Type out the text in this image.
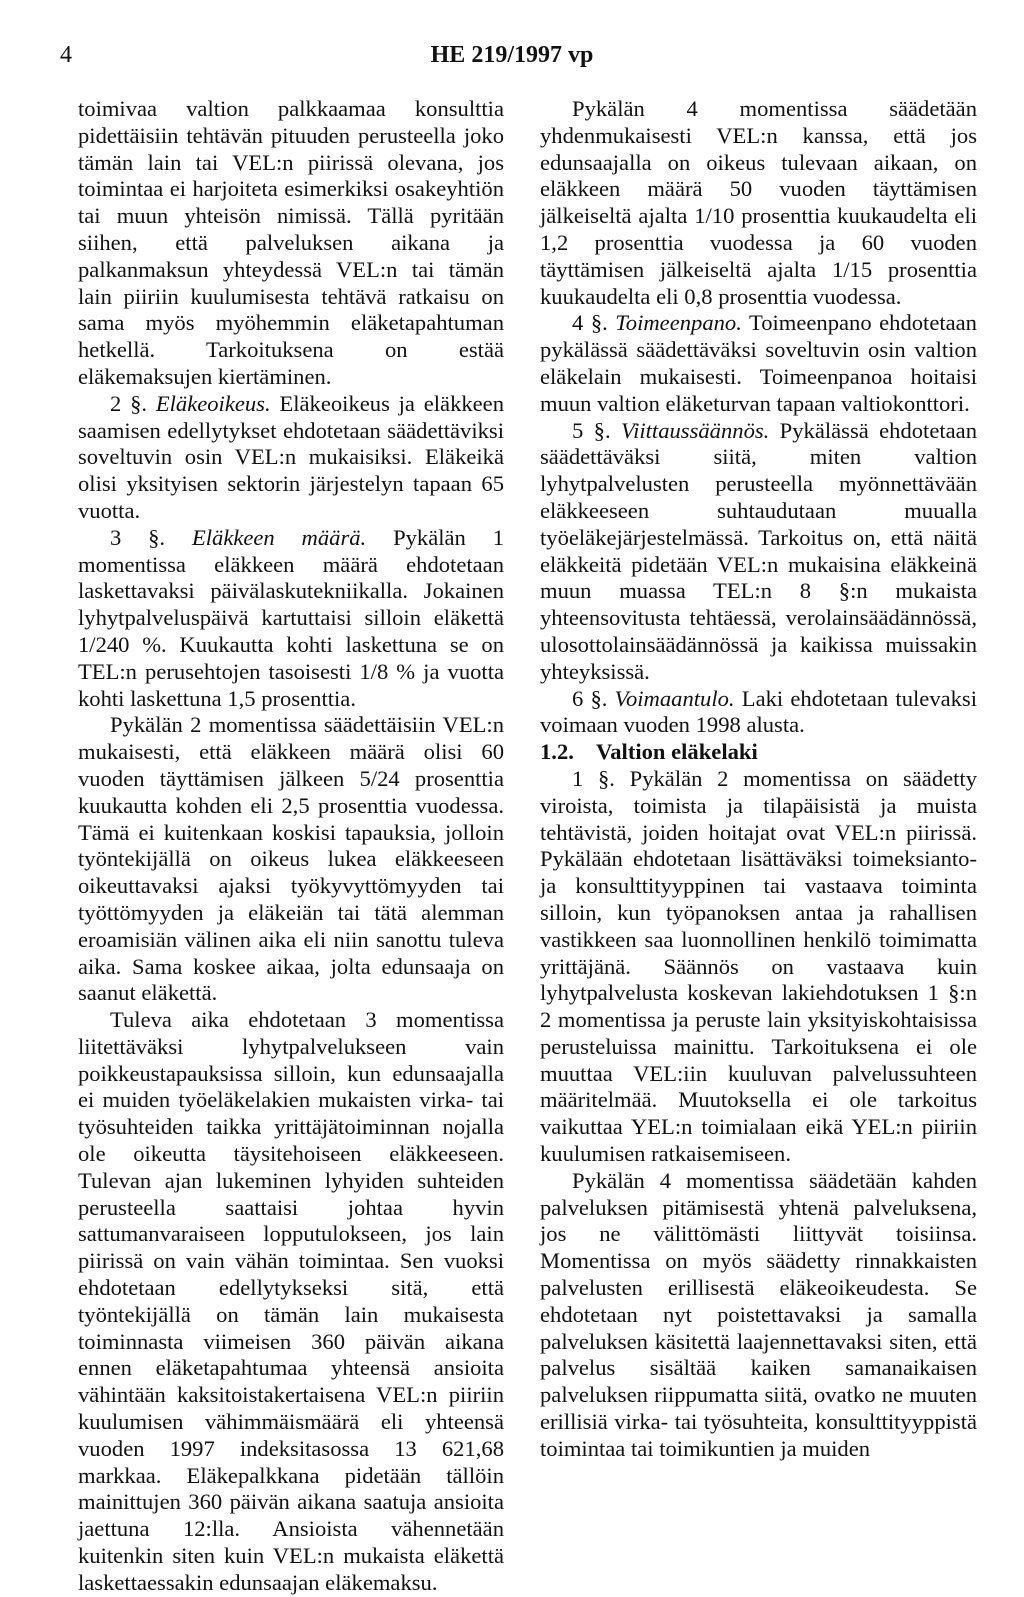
4	HE 219/1997 vp

toimivaa valtion palkkaamaa konsulttia pidettäisiin tehtävän pituuden perusteella joko tämän lain tai VEL:n piirissä olevana, jos toimintaa ei harjoiteta esimerkiksi osakeyhtiön tai muun yhteisön nimissä. Tällä pyritään siihen, että palveluksen aikana ja palkanmaksun yhteydessä VEL:n tai tämän lain piiriin kuulumisesta tehtävä ratkaisu on sama myös myöhemmin eläketapahtuman hetkellä. Tarkoituksena on estää eläkemaksujen kiertäminen.

2 §. Eläkeoikeus. Eläkeoikeus ja eläkkeen saamisen edellytykset ehdotetaan säädettäviksi soveltuvin osin VEL:n mukaisiksi. Eläkeikä olisi yksityisen sektorin järjestelyn tapaan 65 vuotta.

3 §. Eläkkeen määrä. Pykälän 1 momentissa eläkkeen määrä ehdotetaan laskettavaksi päivälaskutekniikalla. Jokainen lyhytpalveluspäivä kartuttaisi silloin eläkettä 1/240 %. Kuukautta kohti laskettuna se on TEL:n perusehtojen tasoisesti 1/8 % ja vuotta kohti laskettuna 1,5 prosenttia.

Pykälän 2 momentissa säädettäisiin VEL:n mukaisesti, että eläkkeen määrä olisi 60 vuoden täyttämisen jälkeen 5/24 prosenttia kuukautta kohden eli 2,5 prosenttia vuodessa. Tämä ei kuitenkaan koskisi tapauksia, jolloin työntekijällä on oikeus lukea eläkkeeseen oikeuttavaksi ajaksi työkyvyttömyyden tai työttömyyden ja eläkeiän tai tätä alemman eroamisiän välinen aika eli niin sanottu tuleva aika. Sama koskee aikaa, jolta edunsaaja on saanut eläkettä.

Tuleva aika ehdotetaan 3 momentissa liitettäväksi lyhytpalvelukseen vain poikkeustapauksissa silloin, kun edunsaajalla ei muiden työeläkelakien mukaisten virka- tai työsuhteiden taikka yrittäjätoiminnan nojalla ole oikeutta täysitehoiseen eläkkeeseen. Tulevan ajan lukeminen lyhyiden suhteiden perusteella saattaisi johtaa hyvin sattumanvaraiseen lopputulokseen, jos lain piirissä on vain vähän toimintaa. Sen vuoksi ehdotetaan edellytykseksi sitä, että työntekijällä on tämän lain mukaisesta toiminnasta viimeisen 360 päivän aikana ennen eläketapahtumaa yhteensä ansioita vähintään kaksitoistakertaisena VEL:n piiriin kuulumisen vähimmäismäärä eli yhteensä vuoden 1997 indeksitasossa 13 621,68 markkaa. Eläkepalkkana pidetään tällöin mainittujen 360 päivän aikana saatuja ansioita jaettuna 12:lla. Ansioista vähennetään kuitenkin siten kuin VEL:n mukaista eläkettä laskettaessakin edunsaajan eläkemaksu.

Pykälän 4 momentissa säädetään yhdenmukaisesti VEL:n kanssa, että jos edunsaajalla on oikeus tulevaan aikaan, on eläkkeen määrä 50 vuoden täyttämisen jälkeiseltä ajalta 1/10 prosenttia kuukaudelta eli 1,2 prosenttia vuodessa ja 60 vuoden täyttämisen jälkeiseltä ajalta 1/15 prosenttia kuukaudelta eli 0,8 prosenttia vuodessa.

4 §. Toimeenpano. Toimeenpano ehdotetaan pykälässä säädettäväksi soveltuvin osin valtion eläkelain mukaisesti. Toimeenpanoa hoitaisi muun valtion eläketurvan tapaan valtiokonttori.

5 §. Viittaussäännös. Pykälässä ehdotetaan säädettäväksi siitä, miten valtion lyhytpalvelusten perusteella myönnettävään eläkkeeseen suhtaudutaan muualla työeläkejärjestelmässä. Tarkoitus on, että näitä eläkkeitä pidetään VEL:n mukaisina eläkkeinä muun muassa TEL:n 8 §:n mukaista yhteensovitusta tehtäessä, verolainsäädännössä, ulosottolainsäädännössä ja kaikissa muissakin yhteyksissä.

6 §. Voimaantulo. Laki ehdotetaan tulevaksi voimaan vuoden 1998 alusta.

1.2. Valtion eläkelaki

1 §. Pykälän 2 momentissa on säädetty viroista, toimista ja tilapäisistä ja muista tehtävistä, joiden hoitajat ovat VEL:n piirissä. Pykälään ehdotetaan lisättäväksi toimeksianto- ja konsulttityyppinen tai vastaava toiminta silloin, kun työpanoksen antaa ja rahallisen vastikkeen saa luonnollinen henkilö toimimatta yrittäjänä. Säännös on vastaava kuin lyhytpalvelusta koskevan lakiehdotuksen 1 §:n 2 momentissa ja peruste lain yksityiskohtaisissa perusteluissa mainittu. Tarkoituksena ei ole muuttaa VEL:iin kuuluvan palvelussuhteen määritelmää. Muutoksella ei ole tarkoitus vaikuttaa YEL:n toimialaan eikä YEL:n piiriin kuulumisen ratkaisemiseen.

Pykälän 4 momentissa säädetään kahden palveluksen pitämisestä yhtenä palveluksena, jos ne välittömästi liittyvät toisiinsa. Momentissa on myös säädetty rinnakkaisten palvelusten erillisestä eläkeoikeudesta. Se ehdotetaan nyt poistettavaksi ja samalla palveluksen käsitettä laajennettavaksi siten, että palvelus sisältää kaiken samanaikaisen palveluksen riippumatta siitä, ovatko ne muuten erillisiä virka- tai työsuhteita, konsulttityyppistä toimintaa tai toimikuntien ja muiden
